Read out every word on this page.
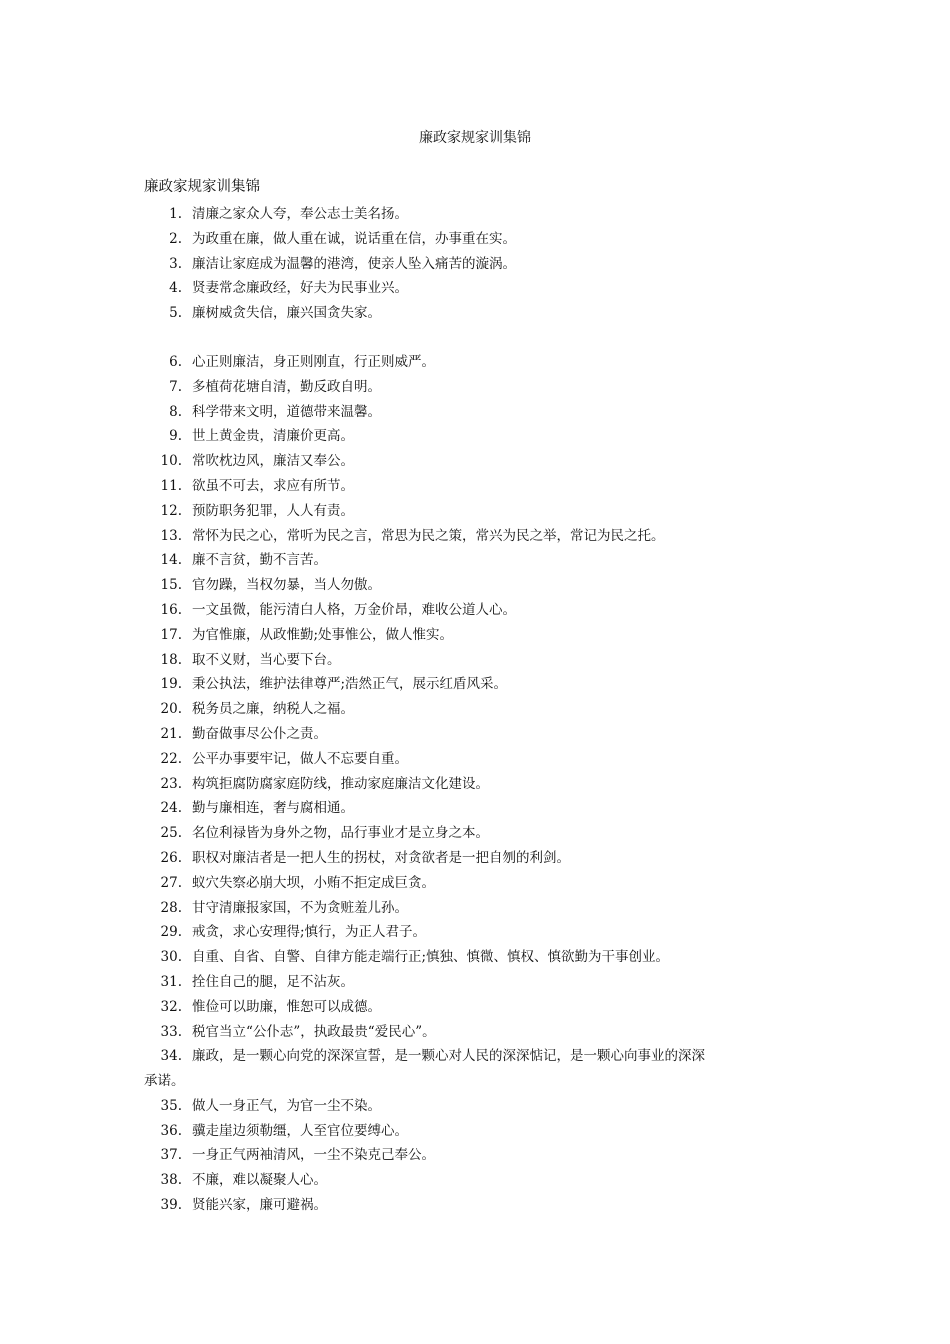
廉政家规家训集锦
廉政家规家训集锦
1. 清廉之家众人夸，奉公志士美名扬。
2. 为政重在廉，做人重在诚，说话重在信，办事重在实。
3. 廉洁让家庭成为温馨的港湾，使亲人坠入痛苦的漩涡。
4. 贤妻常念廉政经，好夫为民事业兴。
5. 廉树威贪失信，廉兴国贪失家。
6. 心正则廉洁，身正则刚直，行正则威严。
7. 多植荷花塘自清，勤反政自明。
8. 科学带来文明，道德带来温馨。
9. 世上黄金贵，清廉价更高。
10. 常吹枕边风，廉洁又奉公。
11. 欲虽不可去，求应有所节。
12. 预防职务犯罪，人人有责。
13. 常怀为民之心，常听为民之言，常思为民之策，常兴为民之举，常记为民之托。
14. 廉不言贫，勤不言苦。
15. 官勿躁，当权勿暴，当人勿傲。
16. 一文虽微，能污清白人格，万金价昂，难收公道人心。
17. 为官惟廉，从政惟勤;处事惟公，做人惟实。
18. 取不义财，当心要下台。
19. 秉公执法，维护法律尊严;浩然正气，展示红盾风采。
20. 税务员之廉，纳税人之福。
21. 勤奋做事尽公仆之责。
22. 公平办事要牢记，做人不忘要自重。
23. 构筑拒腐防腐家庭防线，推动家庭廉洁文化建设。
24. 勤与廉相连，奢与腐相通。
25. 名位利禄皆为身外之物，品行事业才是立身之本。
26. 职权对廉洁者是一把人生的拐杖，对贪欲者是一把自刎的利剑。
27. 蚁穴失察必崩大坝，小贿不拒定成巨贪。
28. 甘守清廉报家国，不为贪赃羞儿孙。
29. 戒贪，求心安理得;慎行，为正人君子。
30. 自重、自省、自警、自律方能走端行正;慎独、慎微、慎权、慎欲勤为干事创业。
31. 拴住自己的腿，足不沾灰。
32. 惟俭可以助廉，惟恕可以成德。
33. 税官当立“公仆志”，执政最贵“爱民心”。
34. 廉政，是一颗心向党的深深宣誓，是一颗心对人民的深深惦记，是一颗心向事业的深深
承诺。
35. 做人一身正气，为官一尘不染。
36. 骥走崖边须勒缰，人至官位要缚心。
37. 一身正气两袖清风，一尘不染克己奉公。
38. 不廉，难以凝聚人心。
39. 贤能兴家，廉可避祸。
